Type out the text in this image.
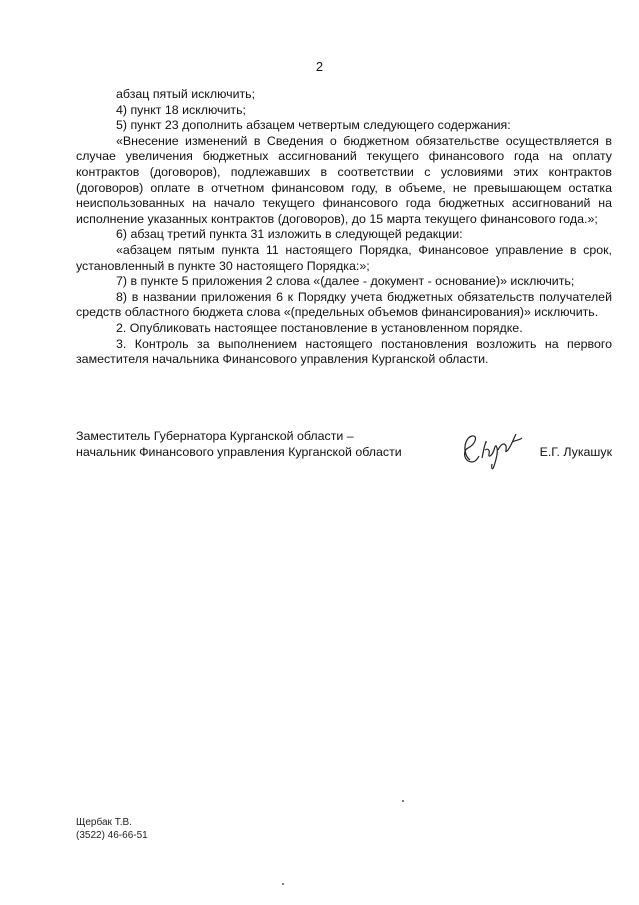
2

абзац пятый исключить;

4) пункт 18 исключить;

5) пункт 23 дополнить абзацем четвертым следующего содержания:

«Внесение изменений в Сведения о бюджетном обязательстве осуществляется в случае увеличения бюджетных ассигнований текущего финансового года на оплату контрактов (договоров), подлежавших в соответствии с условиями этих контрактов (договоров) оплате в отчетном финансовом году, в объеме, не превышающем остатка неиспользованных на начало текущего финансового года бюджетных ассигнований на исполнение указанных контрактов (договоров), до 15 марта текущего финансового года.»;

6) абзац третий пункта 31 изложить в следующей редакции:

«абзацем пятым пункта 11 настоящего Порядка, Финансовое управление в срок, установленный в пункте 30 настоящего Порядка:»;

7) в пункте 5 приложения 2 слова «(далее - документ - основание)» исключить;

8) в названии приложения 6 к Порядку учета бюджетных обязательств получателей средств областного бюджета слова «(предельных объемов финансирования)» исключить.

2. Опубликовать настоящее постановление в установленном порядке.

3. Контроль за выполнением настоящего постановления возложить на первого заместителя начальника Финансового управления Курганской области.

Заместитель Губернатора Курганской области –
начальник Финансового управления Курганской области	Е.Г. Лукашук
Щербак Т.В.
(3522) 46-66-51
